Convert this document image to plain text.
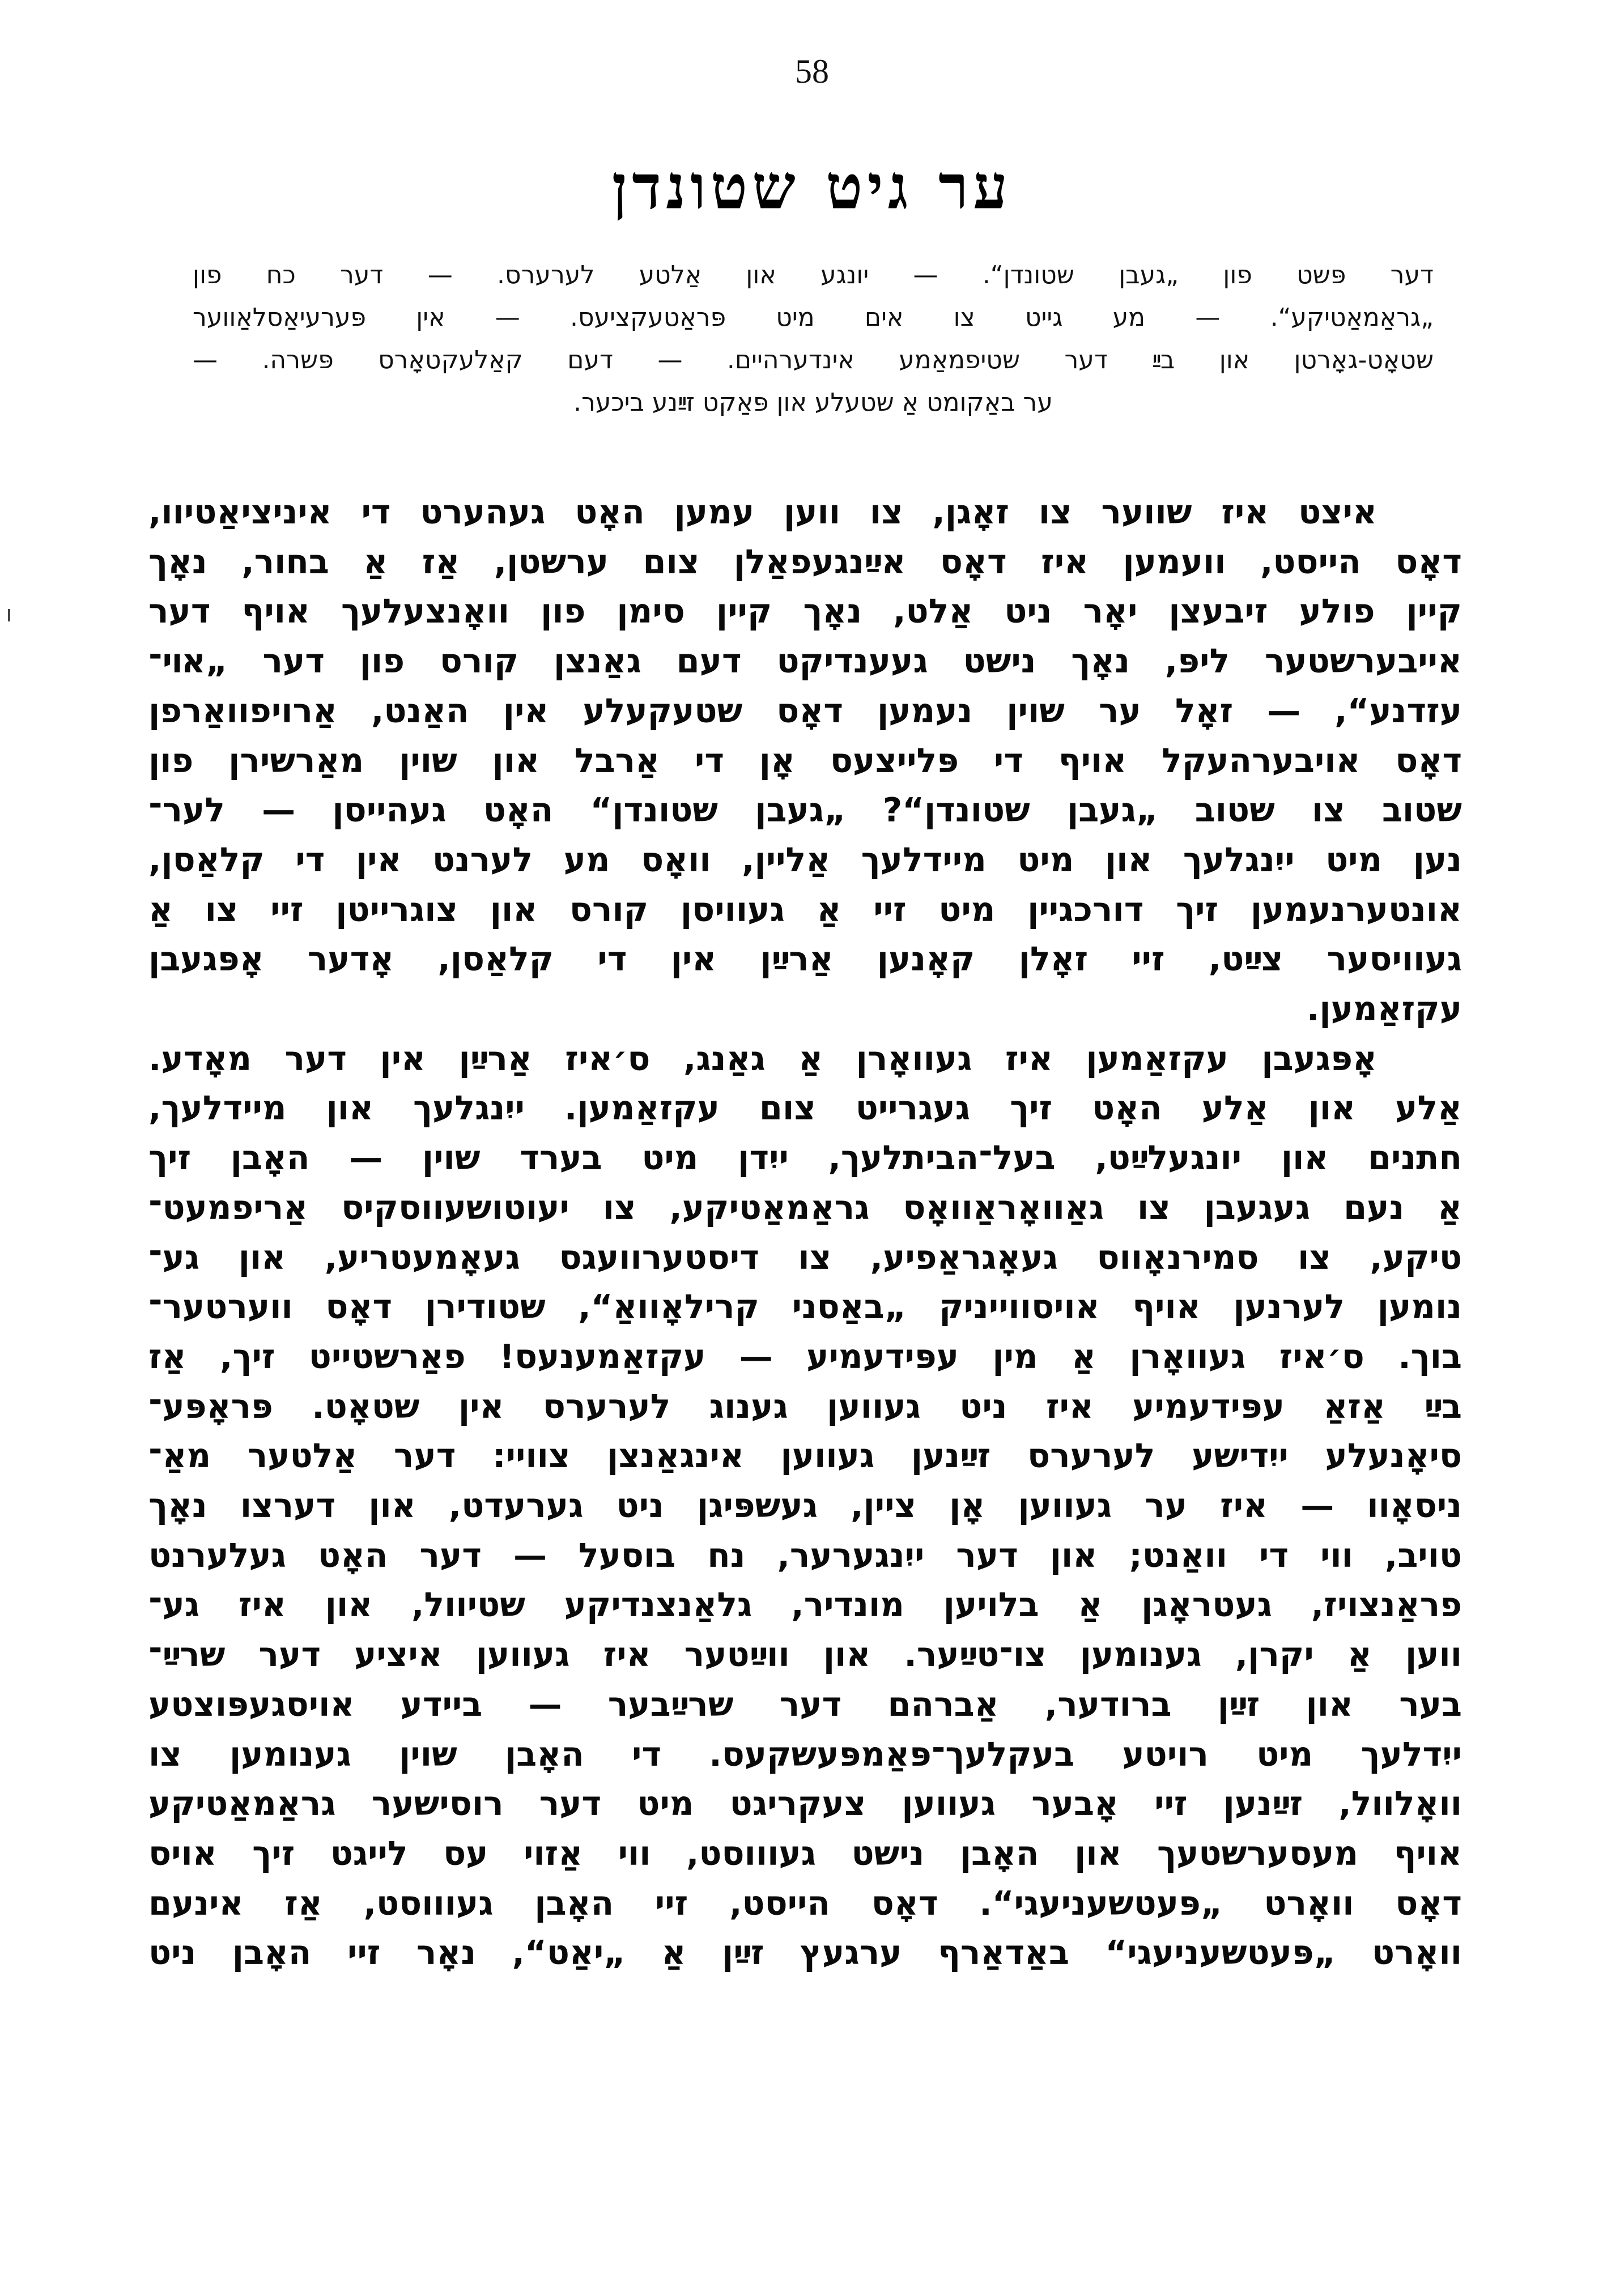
58
ער גיט שטונדן
דער פּשט פון „געבן שטונדן“. — יונגע און אַלטע לערערס. — דער כח פון
„גראַמאַטיקע“. — מע גייט צו אים מיט פּראַטעקציעס. — אין פּערעיאַסלאַווער
שטאָט-גאָרטן און בײַ דער שטיפמאַמע אינדערהיים. — דעם קאַלעקטאָרס פּשרה. —
ער באַקומט אַ שטעלע און פּאַקט זײַנע ביכער.
איצט איז שווער צו זאָגן, צו ווען עמען האָט געהערט די איניציאַטיוו,
דאָס הייסט, וועמען איז דאָס אײַנגעפאַלן צום ערשטן, אַז אַ בחור, נאָך
קיין פולע זיבעצן יאָר ניט אַלט, נאָך קיין סימן פון וואָנצעלעך אויף דער
אייבערשטער ליפּ, נאָך נישט געענדיקט דעם גאַנצן קורס פון דער „אױ־
עזדנע“, — זאָל ער שוין נעמען דאָס שטעקעלע אין האַנט, אַרויפוואַרפן
דאָס אויבערהעקל אויף די פּלייצעס אָן די אַרבל און שוין מאַרשירן פון
שטוב צו שטוב „געבן שטונדן“? „געבן שטונדן“ האָט געהייסן — לער־
נען מיט ייִנגלעך און מיט מיידלעך אַליין, וואָס מע לערנט אין די קלאַסן,
אונטערנעמען זיך דורכגיין מיט זיי אַ געוויסן קורס און צוגרייטן זיי צו אַ
געוויסער צײַט, זיי זאָלן קאָנען אַרײַן אין די קלאַסן, אָדער אָפּגעבן
עקזאַמען.
אָפּגעבן עקזאַמען איז געוואָרן אַ גאַנג, ס׳איז אַרײַן אין דער מאָדע.
אַלע און אַלע האָט זיך געגרייט צום עקזאַמען. ייִנגלעך און מיידלעך,
חתנים און יונגעלײַט, בעל־הביתלעך, ייִדן מיט בערד שוין — האָבן זיך
אַ נעם געגעבן צו גאַוואָראַוואָס גראַמאַטיקע, צו יעוטושעווסקיס אַריפמעט־
טיקע, צו סמירנאָווס געאָגראַפיע, צו דיסטערוועגס געאָמעטריע, און גע־
נומען לערנען אויף אויסווייניק „באַסני קרילאָוואַ“, שטודירן דאָס ווערטער־
בוך. ס׳איז געוואָרן אַ מין עפּידעמיע — עקזאַמענעס! פאַרשטייט זיך, אַז
בײַ אַזאַ עפּידעמיע איז ניט געווען גענוג לערערס אין שטאָט. פּראָפּע־
סיאָנעלע ייִדישע לערערס זײַנען געווען אינגאַנצן צוויי: דער אַלטער מאַ־
ניסאָוו — איז ער געווען אָן ציין, געשפּיגן ניט גערעדט, און דערצו נאָך
טויב, ווי די וואַנט; און דער ייִנגערער, נח בוסעל — דער האָט געלערנט
פראַנצויז, געטראָגן אַ בלויען מונדיר, גלאַנצנדיקע שטיוול, און איז גע־
ווען אַ יקרן, גענומען צו־טײַער. און ווײַטער איז געווען איציע דער שרײַ־
בער און זײַן ברודער, אַברהם דער שרײַבער — ביידע אויסגעפּוצטע
ייִדלעך מיט רויטע בעקלעך־פּאַמפּעשקעס. די האָבן שוין גענומען צו
וואָלוול, זײַנען זיי אָבער געווען צעקריגט מיט דער רוסישער גראַמאַטיקע
אויף מעסערשטעך און האָבן נישט געוווסט, ווי אַזוי עס לייגט זיך אויס
דאָס וואָרט „פּעטשעניעגי“. דאָס הייסט, זיי האָבן געוווסט, אַז אינעם
וואָרט „פּעטשעניעגי“ באַדאַרף ערגעץ זײַן אַ „יאַט“, נאָר זיי האָבן ניט
